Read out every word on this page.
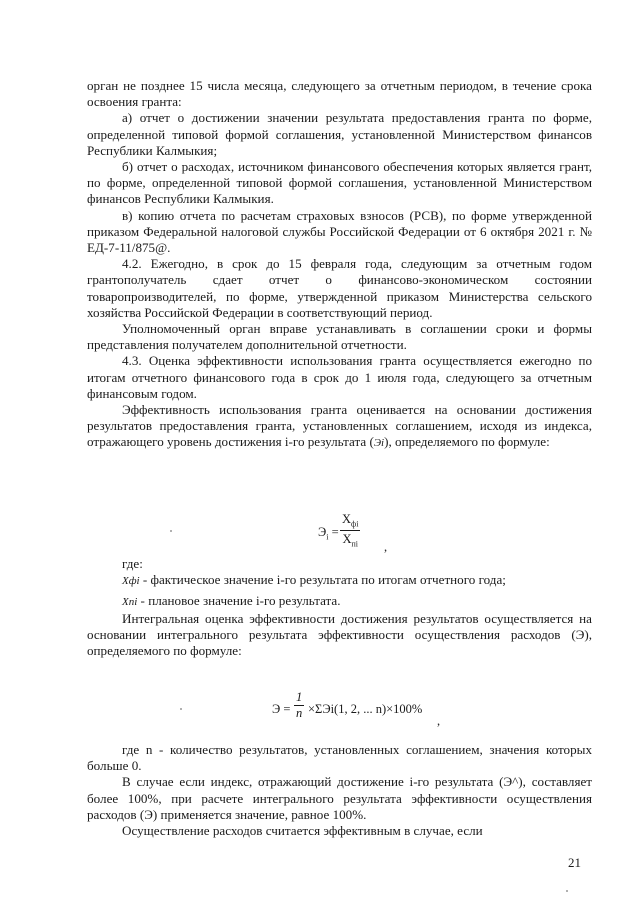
орган не позднее 15 числа месяца, следующего за отчетным периодом, в течение срока освоения гранта:

а) отчет о достижении значении результата предоставления гранта по форме, определенной типовой формой соглашения, установленной Министерством финансов Республики Калмыкия;

б) отчет о расходах, источником финансового обеспечения которых является грант, по форме, определенной типовой формой соглашения, установленной Министерством финансов Республики Калмыкия.

в) копию отчета по расчетам страховых взносов (РСВ), по форме утвержденной приказом Федеральной налоговой службы Российской Федерации от 6 октября 2021 г. № ЕД-7-11/875@.

4.2. Ежегодно, в срок до 15 февраля года, следующим за отчетным годом грантополучатель сдает отчет о финансово-экономическом состоянии товаропроизводителей, по форме, утвержденной приказом Министерства сельского хозяйства Российской Федерации в соответствующий период.

Уполномоченный орган вправе устанавливать в соглашении сроки и формы представления получателем дополнительной отчетности.

4.3. Оценка эффективности использования гранта осуществляется ежегодно по итогам отчетного финансового года в срок до 1 июля года, следующего за отчетным финансовым годом.

Эффективность использования гранта оценивается на основании достижения результатов предоставления гранта, установленных соглашением, исходя из индекса, отражающего уровень достижения i-го результата (Эi), определяемого по формуле:

$Э_i$ =
$X_{фi}$
$X_{пi}$ ,

где:

Xфi - фактическое значение i-го результата по итогам отчетного года;

Xпi - плановое значение i-го результата.

Интегральная оценка эффективности достижения результатов осуществляется на основании интегрального результата эффективности осуществления расходов (Э), определяемого по формуле:

$Э = \frac{1}{n} \times\Sigma Эi(1$, 2, ... n)×100%
,

где n - количество результатов, установленных соглашением, значения которых больше 0.

В случае если индекс, отражающий достижение i-го результата (Э^), составляет более 100%, при расчете интегрального результата эффективности осуществления расходов (Э) применяется значение, равное 100%.

Осуществление расходов считается эффективным в случае, если

21
